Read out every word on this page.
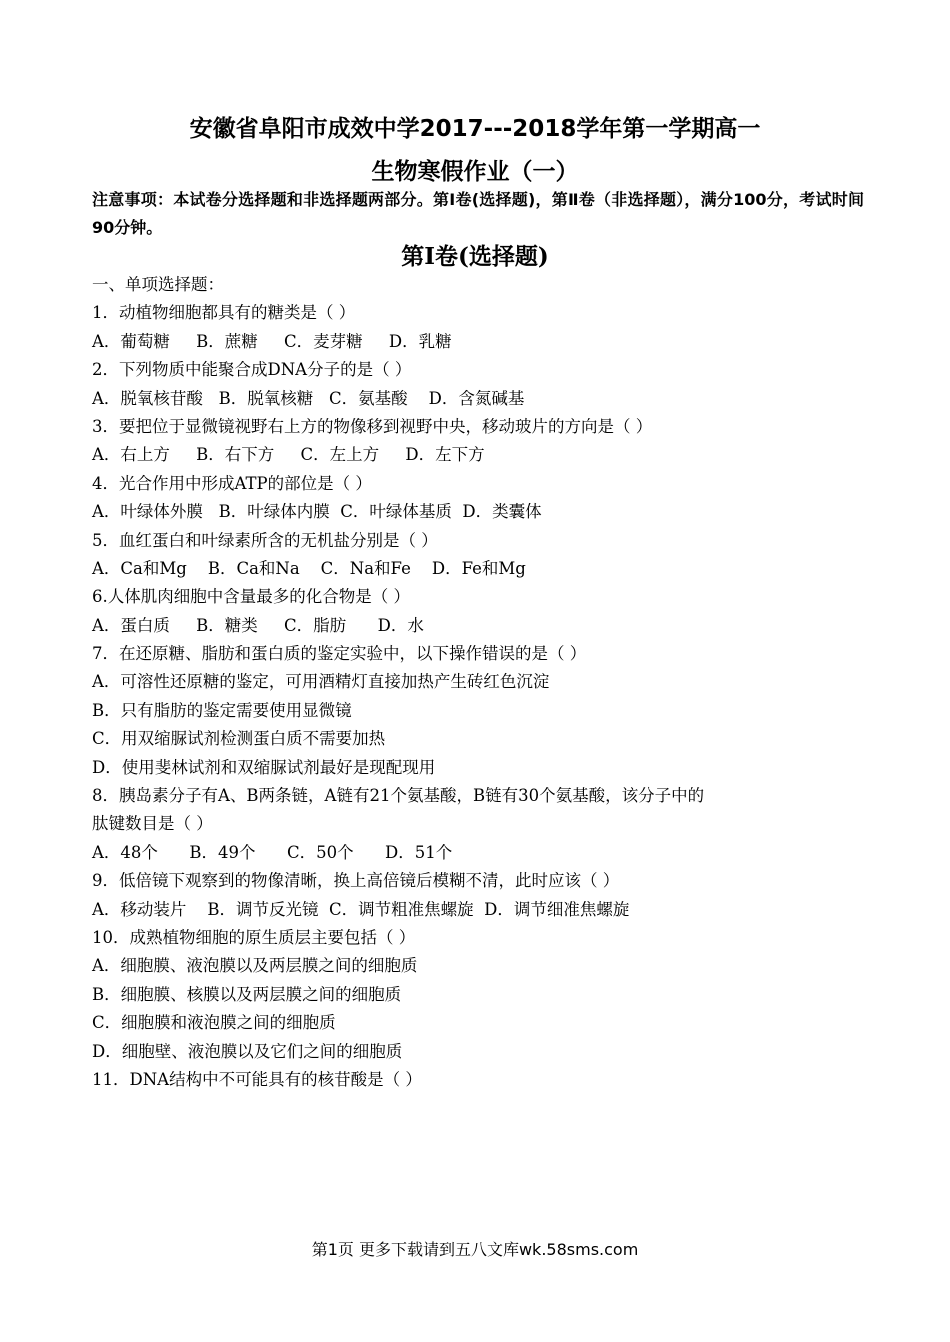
安徽省阜阳市成效中学2017---2018学年第一学期高一
生物寒假作业（一）
注意事项：本试卷分选择题和非选择题两部分。第Ⅰ卷(选择题)，第Ⅱ卷（非选择题），满分100分，考试时间90分钟。
第Ⅰ卷(选择题)
一、单项选择题：
1．动植物细胞都具有的糖类是（ ）
A．葡萄糖     B．蔗糖     C．麦芽糖     D．乳糖
2．下列物质中能聚合成DNA分子的是（ ）
A．脱氧核苷酸   B．脱氧核糖   C．氨基酸    D．含氮碱基
3．要把位于显微镜视野右上方的物像移到视野中央，移动玻片的方向是（ ）
A．右上方     B．右下方     C．左上方     D．左下方
4．光合作用中形成ATP的部位是（ ）
A．叶绿体外膜   B．叶绿体内膜  C．叶绿体基质  D．类囊体
5．血红蛋白和叶绿素所含的无机盐分别是（ ）
A．Ca和Mg    B．Ca和Na    C．Na和Fe    D．Fe和Mg
6.人体肌肉细胞中含量最多的化合物是（ ）
A．蛋白质     B．糖类     C．脂肪      D．水
7．在还原糖、脂肪和蛋白质的鉴定实验中，以下操作错误的是（ ）
A．可溶性还原糖的鉴定，可用酒精灯直接加热产生砖红色沉淀
B．只有脂肪的鉴定需要使用显微镜
C．用双缩脲试剂检测蛋白质不需要加热
D．使用斐林试剂和双缩脲试剂最好是现配现用
8．胰岛素分子有A、B两条链，A链有21个氨基酸，B链有30个氨基酸，该分子中的
肽键数目是（ ）
A．48个      B．49个      C．50个      D．51个
9．低倍镜下观察到的物像清晰，换上高倍镜后模糊不清，此时应该（ ）
A．移动装片    B．调节反光镜  C．调节粗准焦螺旋  D．调节细准焦螺旋
10．成熟植物细胞的原生质层主要包括（ ）
A．细胞膜、液泡膜以及两层膜之间的细胞质
B．细胞膜、核膜以及两层膜之间的细胞质
C．细胞膜和液泡膜之间的细胞质
D．细胞壁、液泡膜以及它们之间的细胞质
11．DNA结构中不可能具有的核苷酸是（ ）
第1页 更多下载请到五八文库wk.58sms.com
